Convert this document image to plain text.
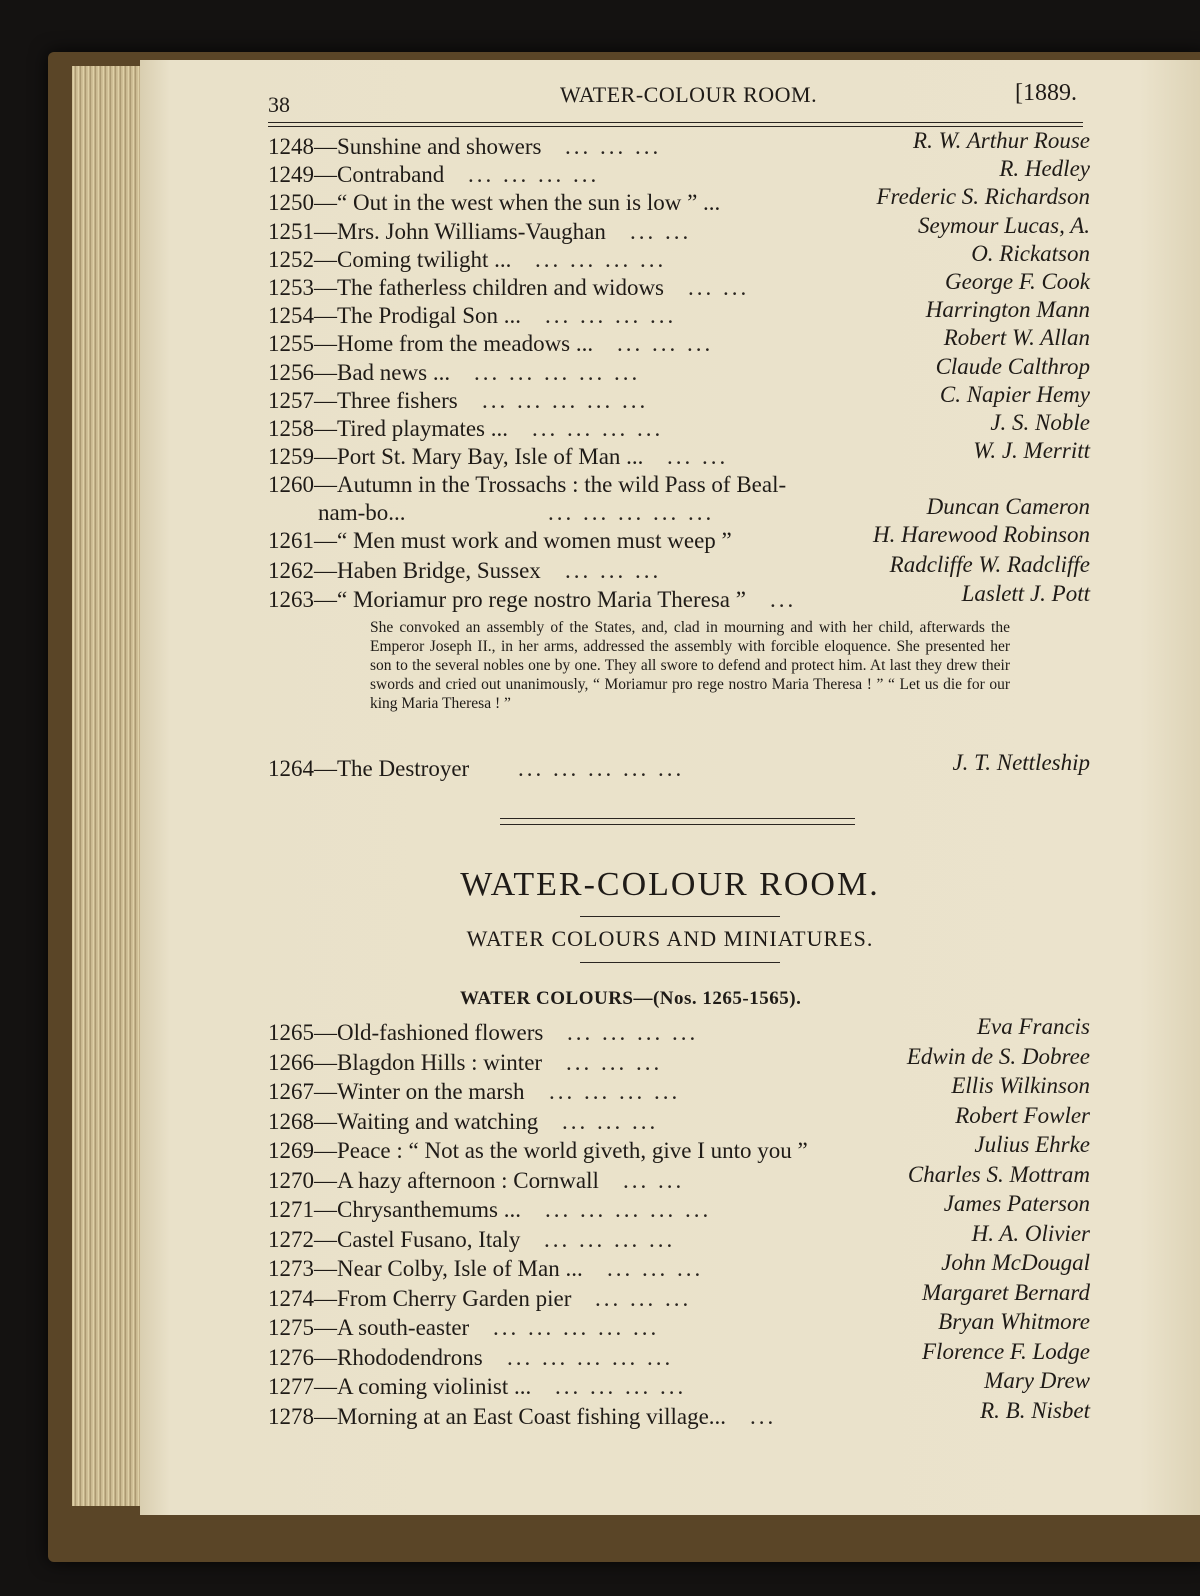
38	WATER-COLOUR ROOM.	[1889.
1248—Sunshine and showers ... ... ...	R. W. Arthur Rouse
1249—Contraband ... ... ... ...	R. Hedley
1250—“ Out in the west when the sun is low ” ...	Frederic S. Richardson
1251—Mrs. John Williams-Vaughan ... ...	Seymour Lucas, A.
1252—Coming twilight ... ... ... ... ...	O. Rickatson
1253—The fatherless children and widows ... ...	George F. Cook
1254—The Prodigal Son ... ... ... ... ...	Harrington Mann
1255—Home from the meadows ... ... ... ...	Robert W. Allan
1256—Bad news ... ... ... ... ... ...	Claude Calthrop
1257—Three fishers ... ... ... ... ...	C. Napier Hemy
1258—Tired playmates ... ... ... ... ...	J. S. Noble
1259—Port St. Mary Bay, Isle of Man ... ... ...	W. J. Merritt
1260—Autumn in the Trossachs : the wild Pass of Beal-
nam-bo...	... ... ... ... ...	Duncan Cameron
1261—“ Men must work and women must weep ”	H. Harewood Robinson
1262—Haben Bridge, Sussex ... ... ...	Radcliffe W. Radcliffe
1263—“ Moriamur pro rege nostro Maria Theresa ” ...	Laslett J. Pott
She convoked an assembly of the States, and, clad in mourning and with her child, afterwards the Emperor Joseph II., in her arms, addressed the assembly with forcible eloquence. She presented her son to the several nobles one by one. They all swore to defend and protect him. At last they drew their swords and cried out unanimously, “ Moriamur pro rege nostro Maria Theresa ! ” “ Let us die for our king Maria Theresa ! ”
1264—The Destroyer ... ... ... ... ...	J. T. Nettleship
WATER-COLOUR ROOM.
WATER COLOURS AND MINIATURES.
WATER COLOURS—(Nos. 1265-1565).
1265—Old-fashioned flowers ... ... ... ...	Eva Francis
1266—Blagdon Hills : winter ... ... ...	Edwin de S. Dobree
1267—Winter on the marsh ... ... ... ...	Ellis Wilkinson
1268—Waiting and watching ... ... ...	Robert Fowler
1269—Peace : “ Not as the world giveth, give I unto you ”	Julius Ehrke
1270—A hazy afternoon : Cornwall ... ...	Charles S. Mottram
1271—Chrysanthemums ... ... ... ... ... ...	James Paterson
1272—Castel Fusano, Italy ... ... ... ...	H. A. Olivier
1273—Near Colby, Isle of Man ... ... ... ...	John McDougal
1274—From Cherry Garden pier ... ... ...	Margaret Bernard
1275—A south-easter ... ... ... ... ...	Bryan Whitmore
1276—Rhododendrons ... ... ... ... ...	Florence F. Lodge
1277—A coming violinist ... ... ... ... ...	Mary Drew
1278—Morning at an East Coast fishing village... ...	R. B. Nisbet
